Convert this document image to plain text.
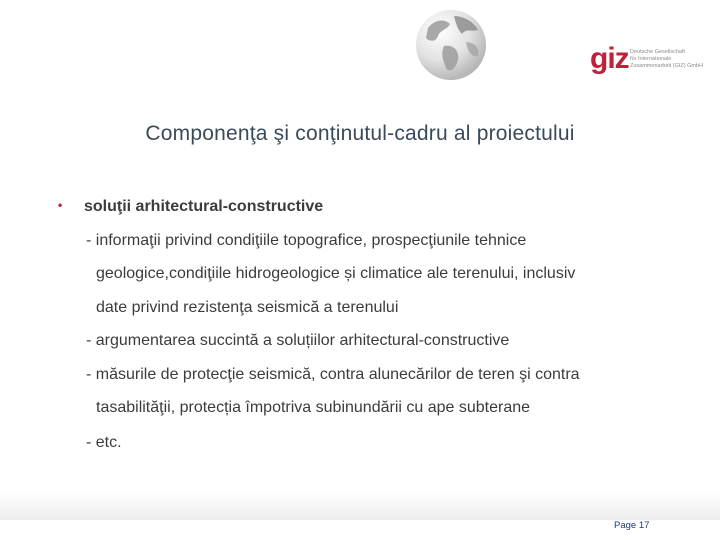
giz Deutsche Gesellschaft
für Internationale
Zusammenarbeit (GIZ) GmbH
Componenţa şi conţinutul-cadru al proiectului
• soluţii arhitectural-constructive
- informaţii privind condiţiile topografice, prospecţiunile tehnice
geologice,condiţiile hidrogeologice și climatice ale terenului, inclusiv
date privind rezistenţa seismică a terenului
- argumentarea succintă a soluțiilor arhitectural-constructive
- măsurile de protecţie seismică, contra alunecărilor de teren şi contra
tasabilităţii, protecția împotriva subinundării cu ape subterane
- etc.
Page 17
